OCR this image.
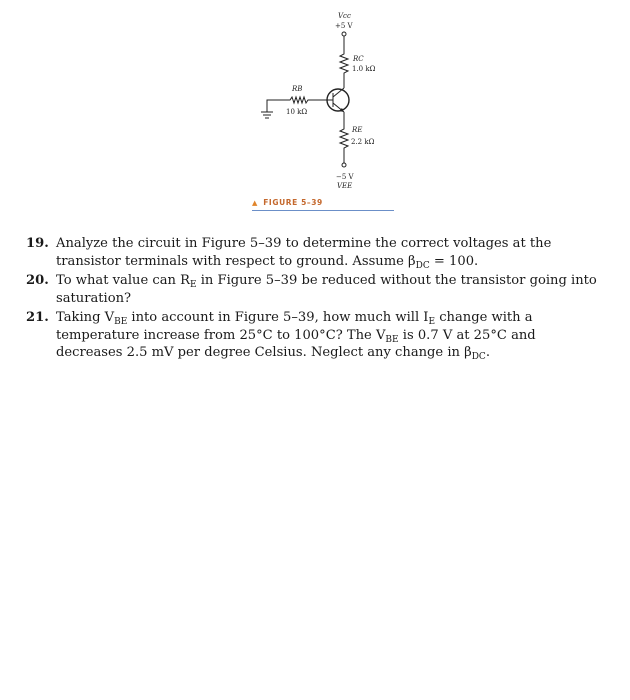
Vcc
+5 V
RC
1.0 kΩ
RB
10 kΩ
RE
2.2 kΩ
−5 V
VEE
▲ FIGURE 5–39
19. Analyze the circuit in Figure 5–39 to determine the correct voltages at the transistor terminals with respect to ground. Assume $\beta_{DC} = 100$.
20. To what value can $R_E$ in Figure 5–39 be reduced without the transistor going into saturation?
21. Taking $V_{BE}$ into account in Figure 5–39, how much will $I_E$ change with a temperature increase from 25°C to 100°C? The $V_{BE}$ is 0.7 V at 25°C and decreases 2.5 mV per degree Celsius. Neglect any change in $\beta_{DC}$.
